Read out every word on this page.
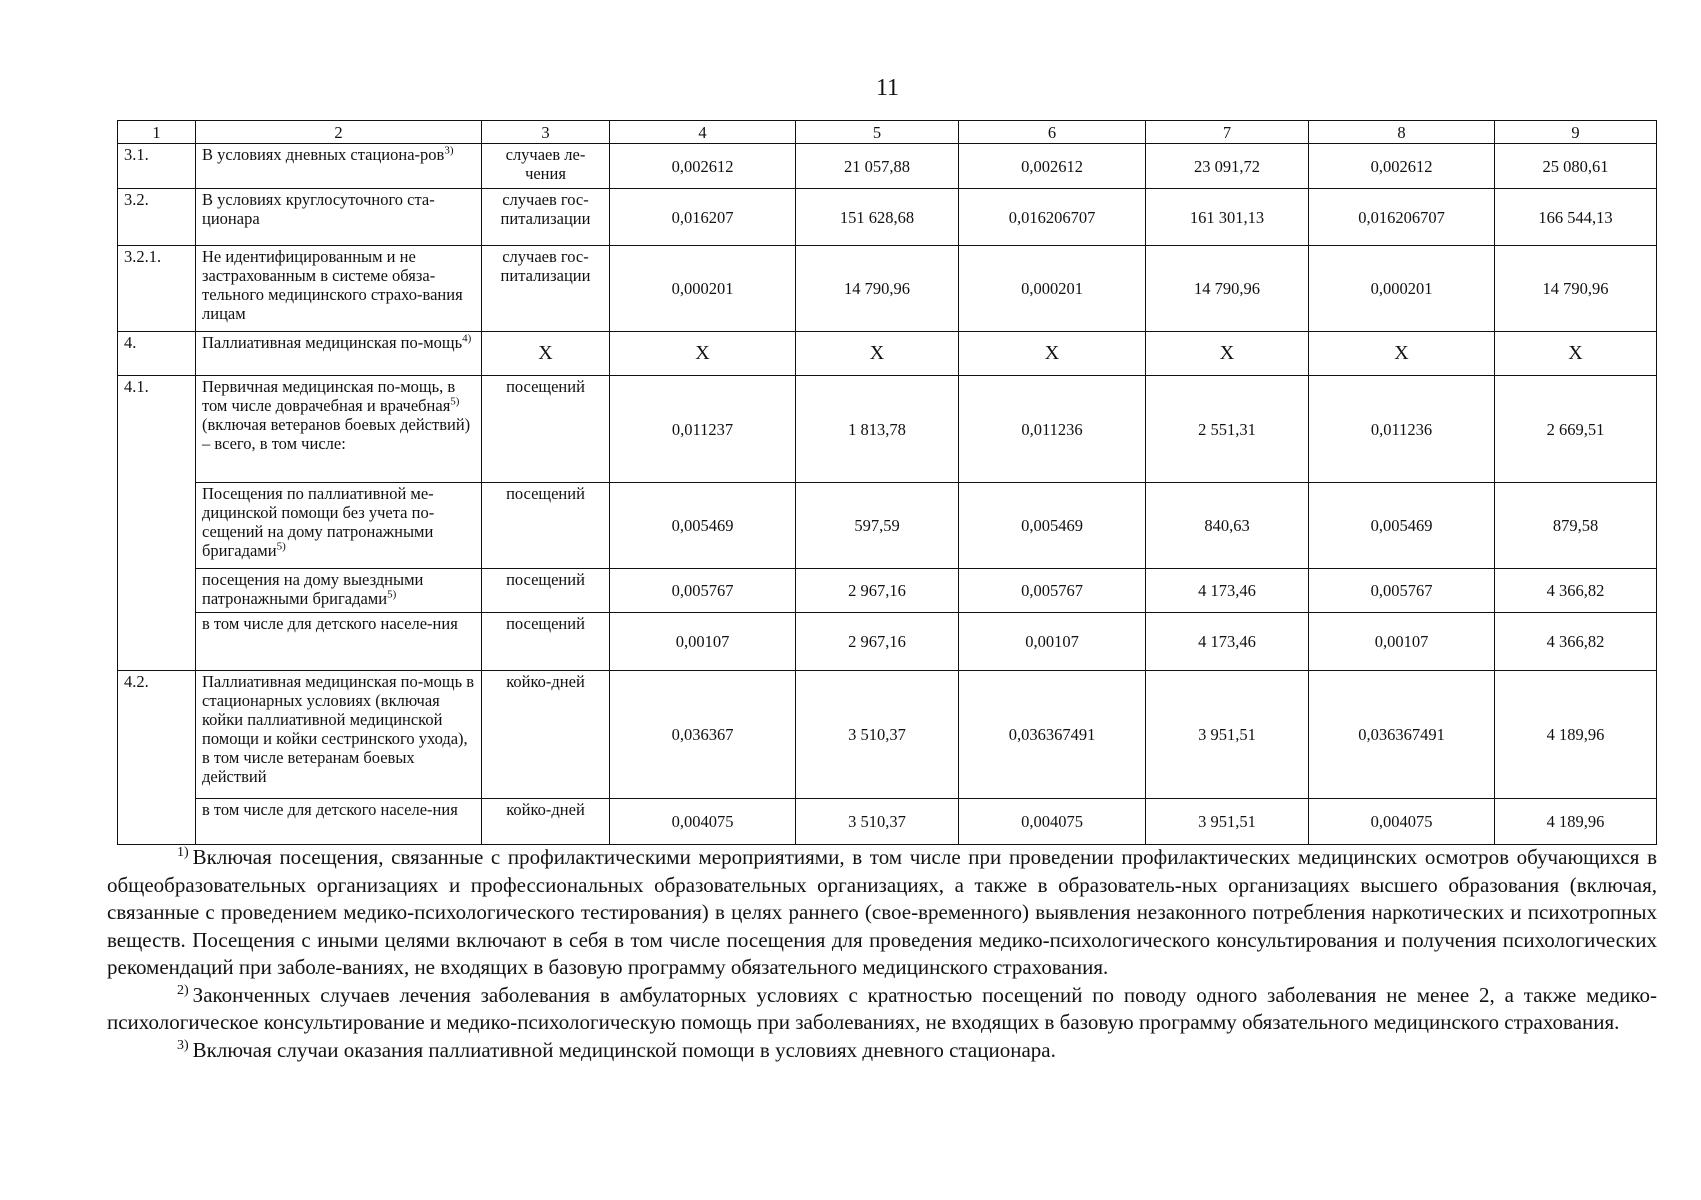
11
1	2	3	4	5	6	7	8	9
3.1.	В условиях дневных стациона-ров$^{3)}$	случаев ле-чения	0,002612	21 057,88	0,002612	23 091,72	0,002612	25 080,61
3.2.	В условиях круглосуточного ста-ционара	случаев гос-питализации	0,016207	151 628,68	0,016206707	161 301,13	0,016206707	166 544,13
3.2.1.	Не идентифицированным и не застрахованным в системе обяза-тельного медицинского страхо-вания лицам	случаев гос-питализации	0,000201	14 790,96	0,000201	14 790,96	0,000201	14 790,96
4.	Паллиативная медицинская по-мощь$^{4)}$	X	X	X	X	X	X	X
4.1.	Первичная медицинская по-мощь, в том числе доврачебная и врачебная$^{5)}$ (включая ветеранов боевых действий) – всего, в том числе:	посещений	0,011237	1 813,78	0,011236	2 551,31	0,011236	2 669,51
	Посещения по паллиативной ме-дицинской помощи без учета по-сещений на дому патронажными бригадами$^{5)}$	посещений	0,005469	597,59	0,005469	840,63	0,005469	879,58
	посещения на дому выездными патронажными бригадами$^{5)}$	посещений	0,005767	2 967,16	0,005767	4 173,46	0,005767	4 366,82
	в том числе для детского населе-ния	посещений	0,00107	2 967,16	0,00107	4 173,46	0,00107	4 366,82
4.2.	Паллиативная медицинская по-мощь в стационарных условиях (включая койки паллиативной медицинской помощи и койки сестринского ухода), в том числе ветеранам боевых действий	койко-дней	0,036367	3 510,37	0,036367491	3 951,51	0,036367491	4 189,96
	в том числе для детского населе-ния	койко-дней	0,004075	3 510,37	0,004075	3 951,51	0,004075	4 189,96

$^{1)}$ Включая посещения, связанные с профилактическими мероприятиями, в том числе при проведении профилактических медицинских осмотров обучающихся в общеобразовательных организациях и профессиональных образовательных организациях, а также в образователь-ных организациях высшего образования (включая, связанные с проведением медико-психологического тестирования) в целях раннего (свое-временного) выявления незаконного потребления наркотических и психотропных веществ. Посещения с иными целями включают в себя в том числе посещения для проведения медико-психологического консультирования и получения психологических рекомендаций при заболе-ваниях, не входящих в базовую программу обязательного медицинского страхования.

$^{2)}$ Законченных случаев лечения заболевания в амбулаторных условиях с кратностью посещений по поводу одного заболевания не менее 2, а также медико-психологическое консультирование и медико-психологическую помощь при заболеваниях, не входящих в базовую программу обязательного медицинского страхования.

$^{3)}$ Включая случаи оказания паллиативной медицинской помощи в условиях дневного стационара.
